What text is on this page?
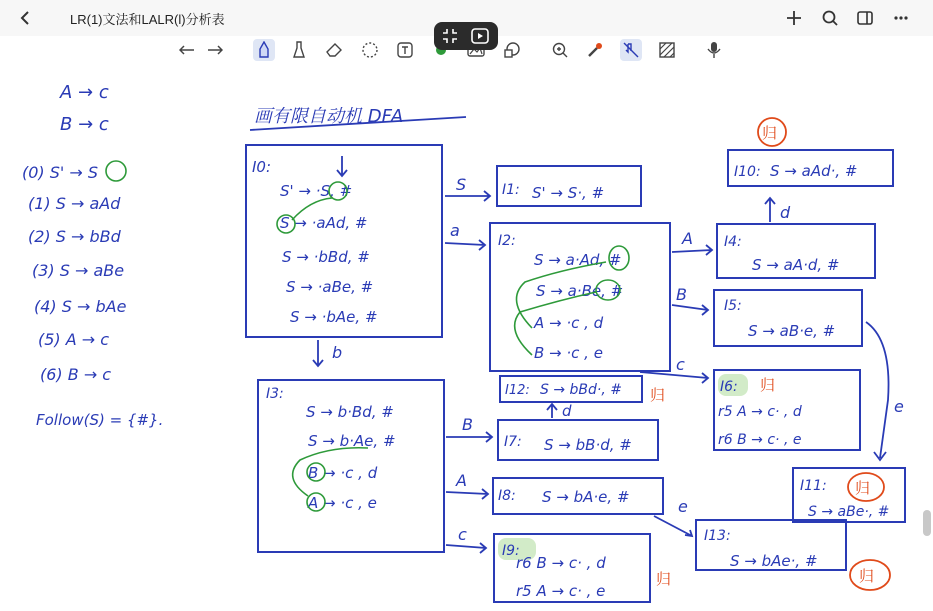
LR(1)文法和LALR(l)分析表
A → c
B → c
(0) S' → S
(1) S → aAd
(2) S → bBd
(3) S → aBe
(4) S → bAe
(5) A → c
(6) B → c
Follow(S) = {#}.
画有限自动机 DFA
I0:
S' → ·S, #
S → ·aAd, #
S → ·bBd, #
S → ·aBe, #
S → ·bAe, #
S	I1: S' → S·, #
a
I2:
S → a·Ad, #
S → a·Be, #
A → ·c , d
B → ·c , e
A I4:
S → aA·d, #
d
I10: S → aAd·, #
归
B
I5:
S → aB·e, #
e
I11:
S → aBe·, #
归
c
I6: 归
r5 A → c· , d
r6 B → c· , e
b
I3:
S → b·Bd, #
S → b·Ae, #
B → ·c , d
A → ·c , e
B
I7: S → bB·d, #
d
I12: S → bBd·, # 归
A
I8: S → bA·e, #	e
I13:
S → bAe·, #
归
c
I9:
r6 B → c· , d
r5 A → c· , e
归
